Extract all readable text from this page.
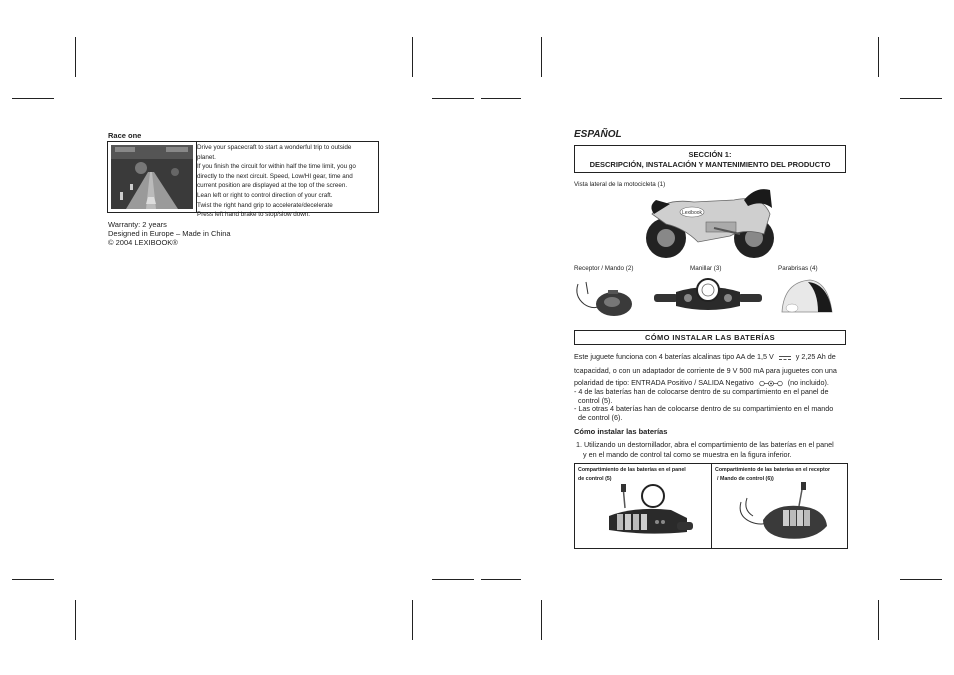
Race one
Drive your spacecraft to start a wonderful trip to outside
planet.
If you finish the circuit for within half the time limit, you go
directly to the next circuit. Speed, Low/HI gear, time and
current position are displayed at the top of the screen.
Lean left or right to control direction of your craft.
Twist the right hand grip to accelerate/decelerate
Press left hand brake to stop/slow down.
Warranty: 2 years
Designed in Europe – Made in China
© 2004 LEXIBOOK®
ESPAÑOL
SECCIÓN 1:
DESCRIPCIÓN, INSTALACIÓN Y MANTENIMIENTO DEL PRODUCTO
Vista lateral de la motocicleta (1)
Lexibook
Receptor / Mando (2)	Manillar (3)	Parabrisas (4)
CÓMO INSTALAR LAS BATERÍAS
Este juguete funciona con 4 baterías alcalinas tipo AA de 1,5 V	y 2,25 Ah de
tcapacidad, o con un adaptador de corriente de 9 V 500 mA para juguetes con una
polaridad de tipo: ENTRADA Positivo / SALIDA Negativo	(no incluido).
- 4 de las baterías han de colocarse dentro de su compartimiento en el panel de
control (5).
- Las otras 4 baterías han de colocarse dentro de su compartimiento en el mando
de control (6).
Cómo instalar las baterías
1. Utilizando un destornillador, abra el compartimiento de las baterías en el panel
y en el mando de control tal como se muestra en la figura inferior.
Compartimiento de las baterías en el panel
de control (5)
Compartimiento de las baterías en el receptor
/ Mando de control (6))
